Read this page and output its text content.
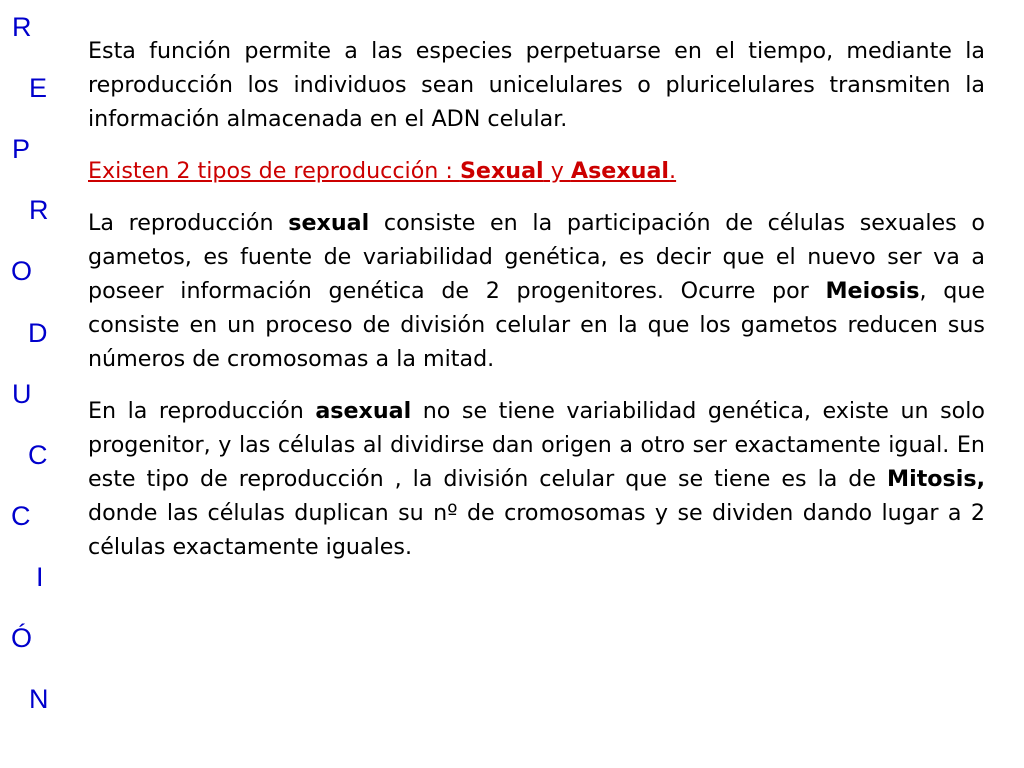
R
E
P
R
O
D
U
C
C
I
Ó
N

Esta función permite a las especies perpetuarse en el tiempo, mediante la reproducción los individuos sean unicelulares o pluricelulares transmiten la información almacenada en el ADN celular.

Existen 2 tipos de reproducción : Sexual y Asexual.

La reproducción sexual consiste en la participación de células sexuales o gametos, es fuente de variabilidad genética, es decir que el nuevo ser va a poseer información genética de 2 progenitores. Ocurre por Meiosis, que consiste en un proceso de división celular en la que los gametos reducen sus números de cromosomas a la mitad.

En la reproducción asexual no se tiene variabilidad genética, existe un solo progenitor, y las células al dividirse dan origen a otro ser exactamente igual. En este tipo de reproducción , la división celular que se tiene es la de Mitosis, donde las células duplican su nº de cromosomas y se dividen dando lugar a 2 células exactamente iguales.
